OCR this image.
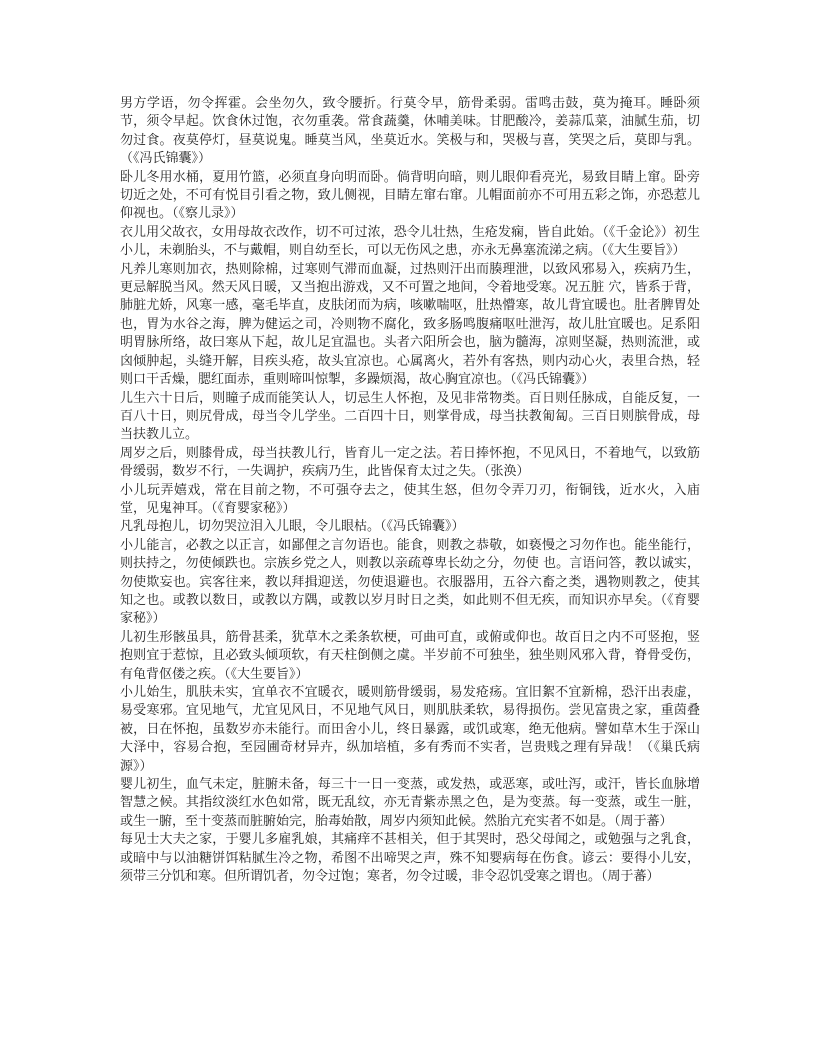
男方学语，勿令挥霍。会坐勿久，致令腰折。行莫令早，筋骨柔弱。雷鸣击鼓，莫为掩耳。睡卧须节，须令早起。饮食休过饱，衣勿重袭。常食蔬羹，休哺美味。甘肥酸冷，姜蒜瓜菜，油腻生茄，切勿过食。夜莫停灯，昼莫说鬼。睡莫当风，坐莫近水。笑极与和，哭极与喜，笑哭之后，莫即与乳。（《冯氏锦囊》）

卧儿冬用水桶，夏用竹篮，必须直身向明而卧。倘背明向暗，则儿眼仰看亮光，易致目睛上窜。卧旁切近之处，不可有悦目引看之物，致儿侧视，目睛左窜右窜。儿帽面前亦不可用五彩之饰，亦恐惹儿仰视也。（《察儿录》）

衣儿用父故衣，女用母故衣改作，切不可过浓，恐令儿壮热，生疮发痫，皆自此始。（《千金论》）初生小儿，未剃胎头，不与戴帽，则自幼至长，可以无伤风之患，亦永无鼻塞流涕之病。（《大生要旨》）

凡养儿寒则加衣，热则除棉，过寒则气滞而血凝，过热则汗出而腠理泄，以致风邪易入，疾病乃生，更忌解脱当风。然天风日暖，又当抱出游戏，又不可置之地间，令着地受寒。况五脏 穴，皆系于背，肺脏尤娇，风寒一感，毫毛毕直，皮肤闭而为病，咳嗽喘呕，肚热懵寒，故儿背宜暖也。肚者脾胃处也，胃为水谷之海，脾为健运之司，冷则物不腐化，致多肠鸣腹痛呕吐泄泻，故儿肚宜暖也。足系阳明胃脉所络，故曰寒从下起，故儿足宜温也。头者六阳所会也，脑为髓海，凉则坚凝，热则流泄，或囟倾肿起，头缝开解，目疾头疮，故头宜凉也。心属离火，若外有客热，则内动心火，表里合热，轻则口干舌燥，腮红面赤，重则啼叫惊掣，多躁烦渴，故心胸宜凉也。（《冯氏锦囊》）

儿生六十日后，则瞳子成而能笑认人，切忌生人怀抱，及见非常物类。百日则任脉成，自能反复，一百八十日，则尻骨成，母当令儿学坐。二百四十日，则掌骨成，母当扶教匍匐。三百日则膑骨成，母当扶教儿立。

周岁之后，则膝骨成，母当扶教儿行，皆育儿一定之法。若日捧怀抱，不见风日，不着地气，以致筋骨缓弱，数岁不行，一失调护，疾病乃生，此皆保育太过之失。（张涣）

小儿玩弄嬉戏，常在目前之物，不可强夺去之，使其生怒，但勿令弄刀刃，衔铜钱，近水火，入庙堂，见鬼神耳。（《育婴家秘》）

凡乳母抱儿，切勿哭泣泪入儿眼，令儿眼枯。（《冯氏锦囊》）

小儿能言，必教之以正言，如鄙俚之言勿语也。能食，则教之恭敬，如亵慢之习勿作也。能坐能行，则扶持之，勿使倾跌也。宗族乡党之人，则教以亲疏尊卑长幼之分，勿使 也。言语问答，教以诚实，勿使欺妄也。宾客往来，教以拜揖迎送，勿使退避也。衣服器用，五谷六畜之类，遇物则教之，使其知之也。或教以数日，或教以方隅，或教以岁月时日之类，如此则不但无疾，而知识亦早矣。（《育婴家秘》）

儿初生形骸虽具，筋骨甚柔，犹草木之柔条软梗，可曲可直，或俯或仰也。故百日之内不可竖抱，竖抱则宜于惹惊，且必致头倾项软，有天柱倒侧之虞。半岁前不可独坐，独坐则风邪入背，脊骨受伤，有龟背伛偻之疾。（《大生要旨》）

小儿始生，肌肤未实，宜单衣不宜暖衣，暖则筋骨缓弱，易发疮疡。宜旧絮不宜新棉，恐汗出表虚，易受寒邪。宜见地气，尤宜见风日，不见地气风日，则肌肤柔软，易得损伤。尝见富贵之家，重茵叠被，日在怀抱，虽数岁亦未能行。而田舍小儿，终日暴露，或饥或寒，绝无他病。譬如草木生于深山大泽中，容易合抱，至园圃奇材异卉，纵加培植，多有秀而不实者，岂贵贱之理有异哉！（《巢氏病源》）

婴儿初生，血气未定，脏腑未备，每三十一日一变蒸，或发热，或恶寒，或吐泻，或汗，皆长血脉增智慧之候。其指纹淡红水色如常，既无乱纹，亦无青紫赤黑之色，是为变蒸。每一变蒸，或生一脏，或生一腑，至十变蒸而脏腑始完，胎毒始散，周岁内须知此候。然胎亢充实者不如是。（周于蕃）

每见士大夫之家，于婴儿多雇乳娘，其痛痒不甚相关，但于其哭时，恐父母闻之，或勉强与之乳食，或暗中与以油糖饼饵粘腻生冷之物，希图不出啼哭之声，殊不知婴病每在伤食。谚云：要得小儿安，须带三分饥和寒。但所谓饥者，勿令过饱；寒者，勿令过暖，非令忍饥受寒之谓也。（周于蕃）
